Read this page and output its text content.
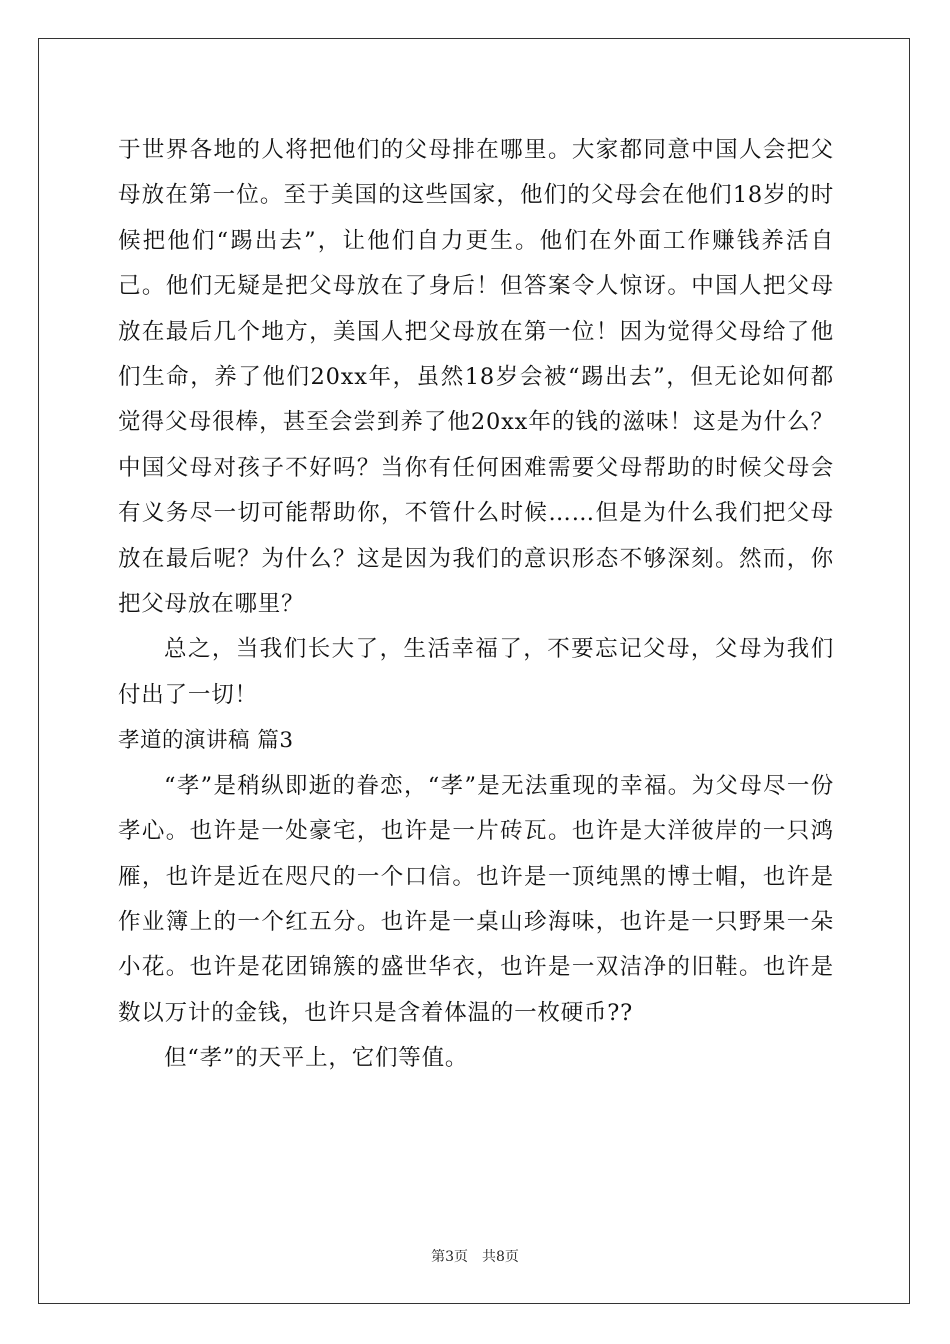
于世界各地的人将把他们的父母排在哪里。大家都同意中国人会把父母放在第一位。至于美国的这些国家，他们的父母会在他们18岁的时候把他们“踢出去”，让他们自力更生。他们在外面工作赚钱养活自己。他们无疑是把父母放在了身后！但答案令人惊讶。中国人把父母放在最后几个地方，美国人把父母放在第一位！因为觉得父母给了他们生命，养了他们20xx年，虽然18岁会被“踢出去”，但无论如何都觉得父母很棒，甚至会尝到养了他20xx年的钱的滋味！这是为什么？中国父母对孩子不好吗？当你有任何困难需要父母帮助的时候父母会有义务尽一切可能帮助你，不管什么时候……但是为什么我们把父母放在最后呢？为什么？这是因为我们的意识形态不够深刻。然而，你把父母放在哪里？

总之，当我们长大了，生活幸福了，不要忘记父母，父母为我们付出了一切！

孝道的演讲稿 篇3

“孝”是稍纵即逝的眷恋，“孝”是无法重现的幸福。为父母尽一份孝心。也许是一处豪宅，也许是一片砖瓦。也许是大洋彼岸的一只鸿雁，也许是近在咫尺的一个口信。也许是一顶纯黑的博士帽，也许是作业簿上的一个红五分。也许是一桌山珍海味，也许是一只野果一朵小花。也许是花团锦簇的盛世华衣，也许是一双洁净的旧鞋。也许是数以万计的金钱，也许只是含着体温的一枚硬币??

但“孝”的天平上，它们等值。

第3页　共8页
